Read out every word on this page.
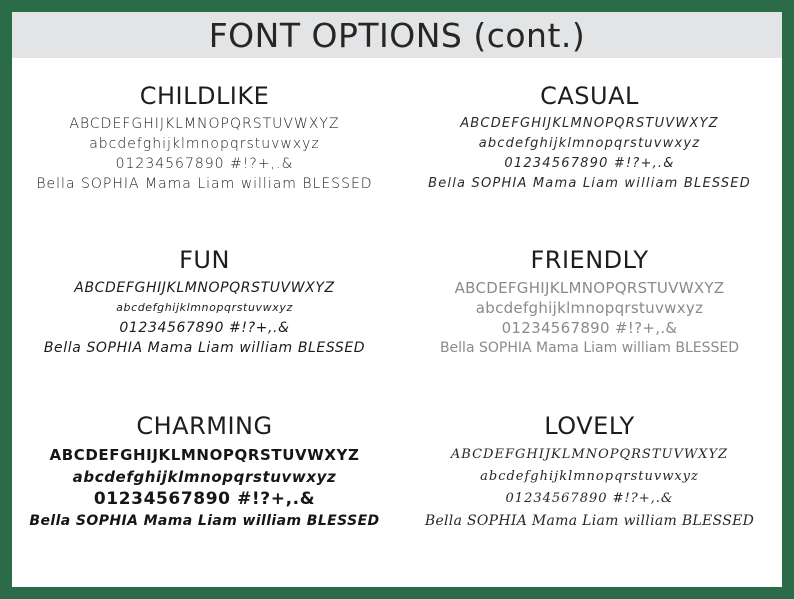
FONT OPTIONS (cont.)
CHILDLIKE
ABCDEFGHIJKLMNOPQRSTUVWXYZ
abcdefghijklmnopqrstuvwxyz
01234567890 #!?+,.&
Bella SOPHIA Mama Liam william BLESSED
CASUAL
ABCDEFGHIJKLMNOPQRSTUVWXYZ
abcdefghijklmnopqrstuvwxyz
01234567890 #!?+,.&
Bella SOPHIA Mama Liam william BLESSED
FUN
ABCDEFGHIJKLMNOPQRSTUVWXYZ
abcdefghijklmnopqrstuvwxyz
01234567890 #!?+,.&
Bella SOPHIA Mama Liam william BLESSED
FRIENDLY
ABCDEFGHIJKLMNOPQRSTUVWXYZ
abcdefghijklmnopqrstuvwxyz
01234567890 #!?+,.&
Bella SOPHIA Mama Liam william BLESSED
CHARMING
ABCDEFGHIJKLMNOPQRSTUVWXYZ
abcdefghijklmnopqrstuvwxyz
01234567890 #!?+,.&
Bella SOPHIA Mama Liam william BLESSED
LOVELY
ABCDEFGHIJKLMNOPQRSTUVWXYZ
abcdefghijklmnopqrstuvwxyz
01234567890 #!?+,.&
Bella SOPHIA Mama Liam william BLESSED
